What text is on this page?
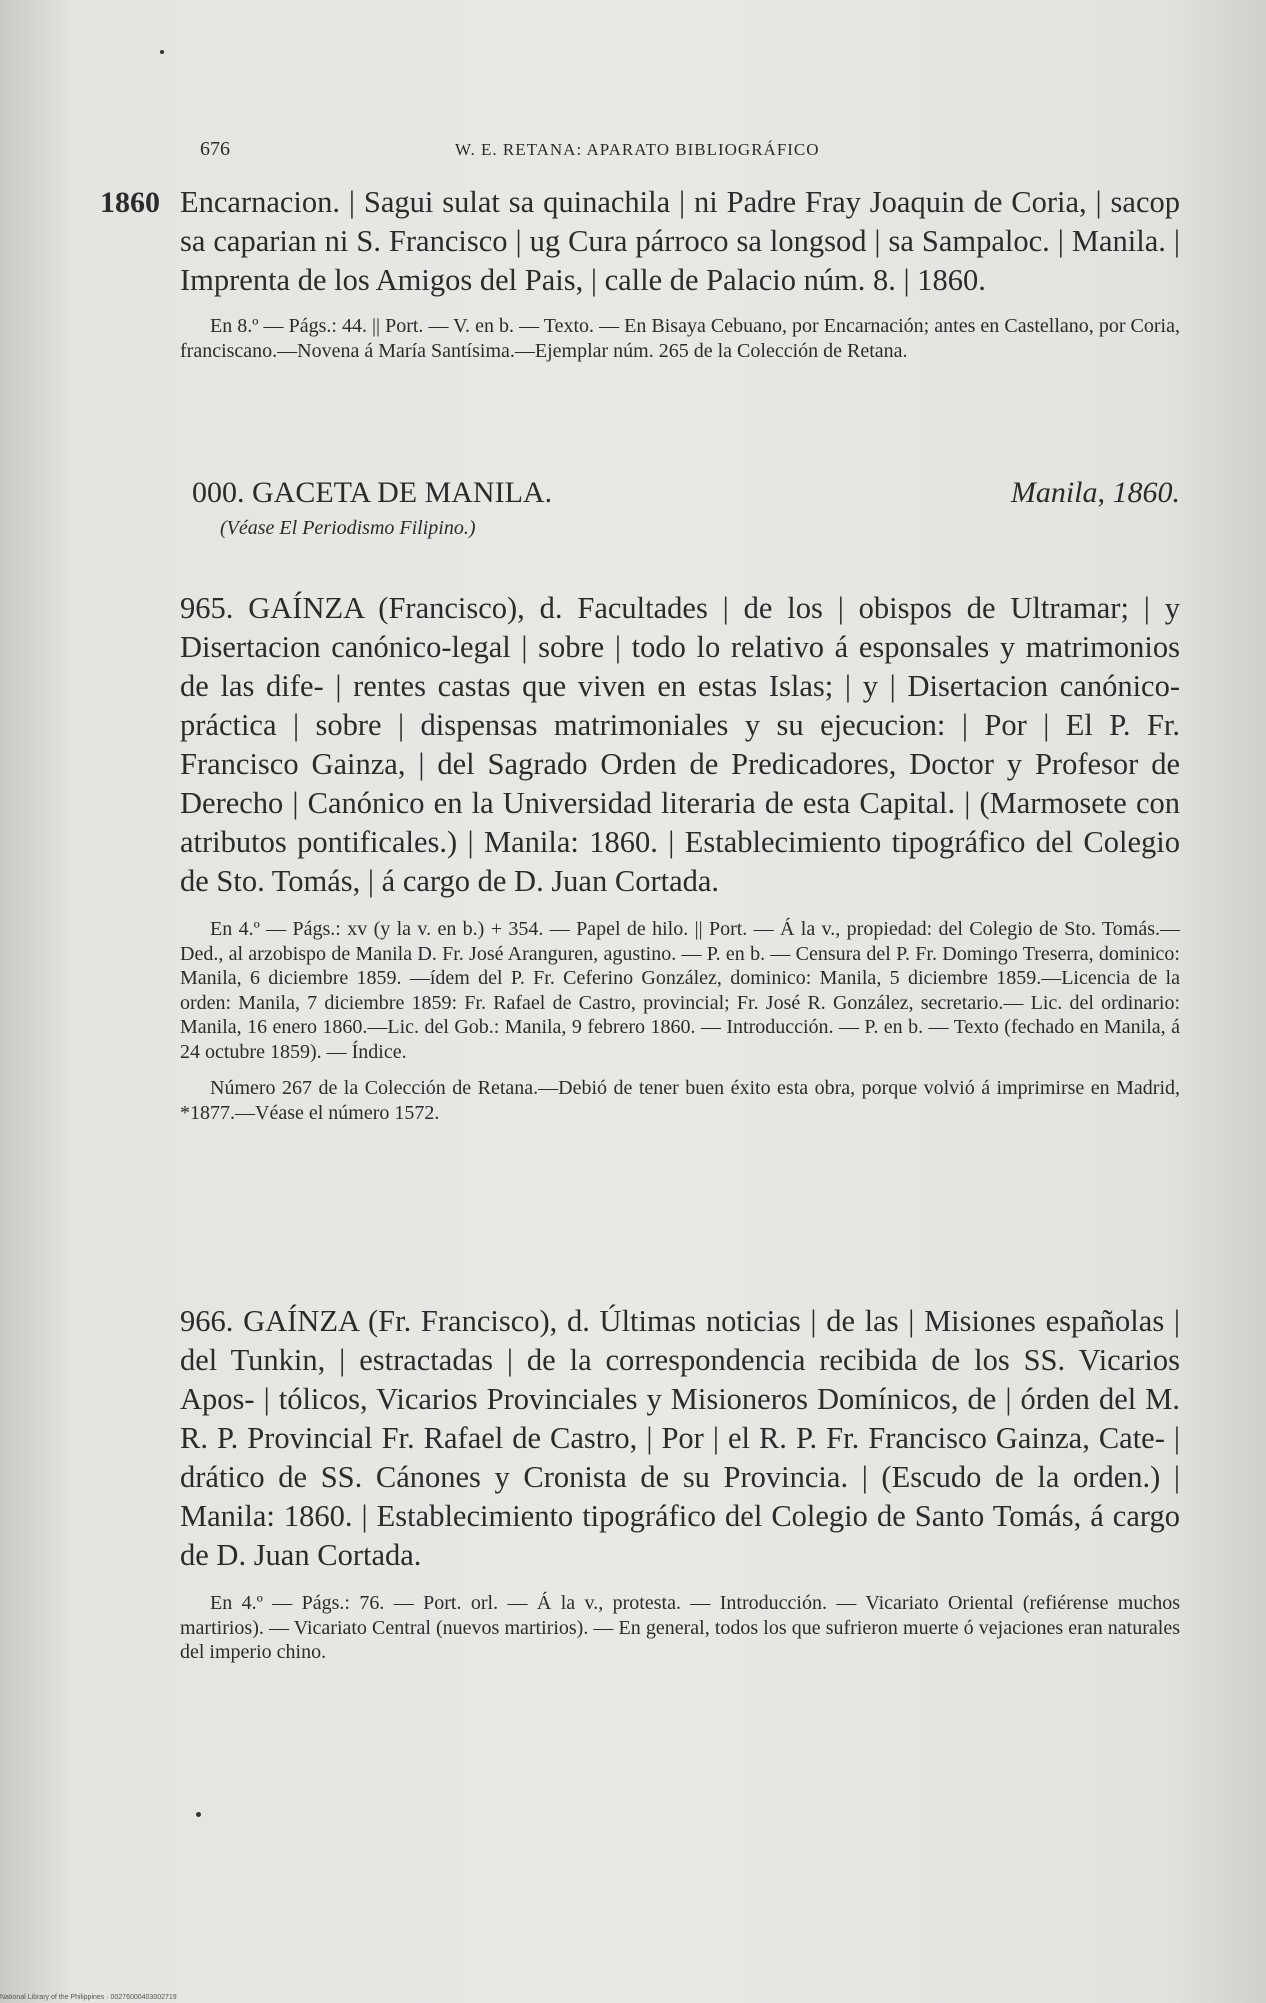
676	W. E. RETANA: APARATO BIBLIOGRÁFICO
1860 Encarnacion. | Sagui sulat sa quinachila | ni Padre Fray Joaquin de Coria, | sacop sa caparian ni S. Francisco | ug Cura párroco sa longsod | sa Sampaloc. | Manila. | Imprenta de los Amigos del Pais, | calle de Palacio núm. 8. | 1860.
En 8.º — Págs.: 44. || Port. — V. en b. — Texto. — En Bisaya Cebuano, por Encarnación; antes en Castellano, por Coria, franciscano.—Novena á María Santísima.—Ejemplar núm. 265 de la Colección de Retana.
000. GACETA DE MANILA.	Manila, 1860.
(Véase El Periodismo Filipino.)
965. GAÍNZA (Francisco), d. Facultades | de los | obispos de Ultramar; | y Disertacion canónico-legal | sobre | todo lo relativo á esponsales y matrimonios de las dife- | rentes castas que viven en estas Islas; | y | Disertacion canónico-práctica | sobre | dispensas matrimoniales y su ejecucion: | Por | El P. Fr. Francisco Gainza, | del Sagrado Orden de Predicadores, Doctor y Profesor de Derecho | Canónico en la Universidad literaria de esta Capital. | (Marmosete con atributos pontificales.) | Manila: 1860. | Establecimiento tipográfico del Colegio de Sto. Tomás, | á cargo de D. Juan Cortada.
En 4.º — Págs.: xv (y la v. en b.) + 354. — Papel de hilo. || Port. — Á la v., propiedad: del Colegio de Sto. Tomás.—Ded., al arzobispo de Manila D. Fr. José Aranguren, agustino. — P. en b. — Censura del P. Fr. Domingo Treserra, dominico: Manila, 6 diciembre 1859. —ídem del P. Fr. Ceferino González, dominico: Manila, 5 diciembre 1859.—Licencia de la orden: Manila, 7 diciembre 1859: Fr. Rafael de Castro, provincial; Fr. José R. González, secretario.— Lic. del ordinario: Manila, 16 enero 1860.—Lic. del Gob.: Manila, 9 febrero 1860. — Introducción. — P. en b. — Texto (fechado en Manila, á 24 octubre 1859). — Índice.
Número 267 de la Colección de Retana.—Debió de tener buen éxito esta obra, porque volvió á imprimirse en Madrid, *1877.—Véase el número 1572.
966. GAÍNZA (Fr. Francisco), d. Últimas noticias | de las | Misiones españolas | del Tunkin, | estractadas | de la correspondencia recibida de los SS. Vicarios Apos- | tólicos, Vicarios Provinciales y Misioneros Domínicos, de | órden del M. R. P. Provincial Fr. Rafael de Castro, | Por | el R. P. Fr. Francisco Gainza, Cate- | drático de SS. Cánones y Cronista de su Provincia. | (Escudo de la orden.) | Manila: 1860. | Establecimiento tipográfico del Colegio de Santo Tomás, á cargo de D. Juan Cortada.
En 4.º — Págs.: 76. — Port. orl. — Á la v., protesta. — Introducción. — Vicariato Oriental (refiérense muchos martirios). — Vicariato Central (nuevos martirios). — En general, todos los que sufrieron muerte ó vejaciones eran naturales del imperio chino.
National Library of the Philippines · 00276000403002719
